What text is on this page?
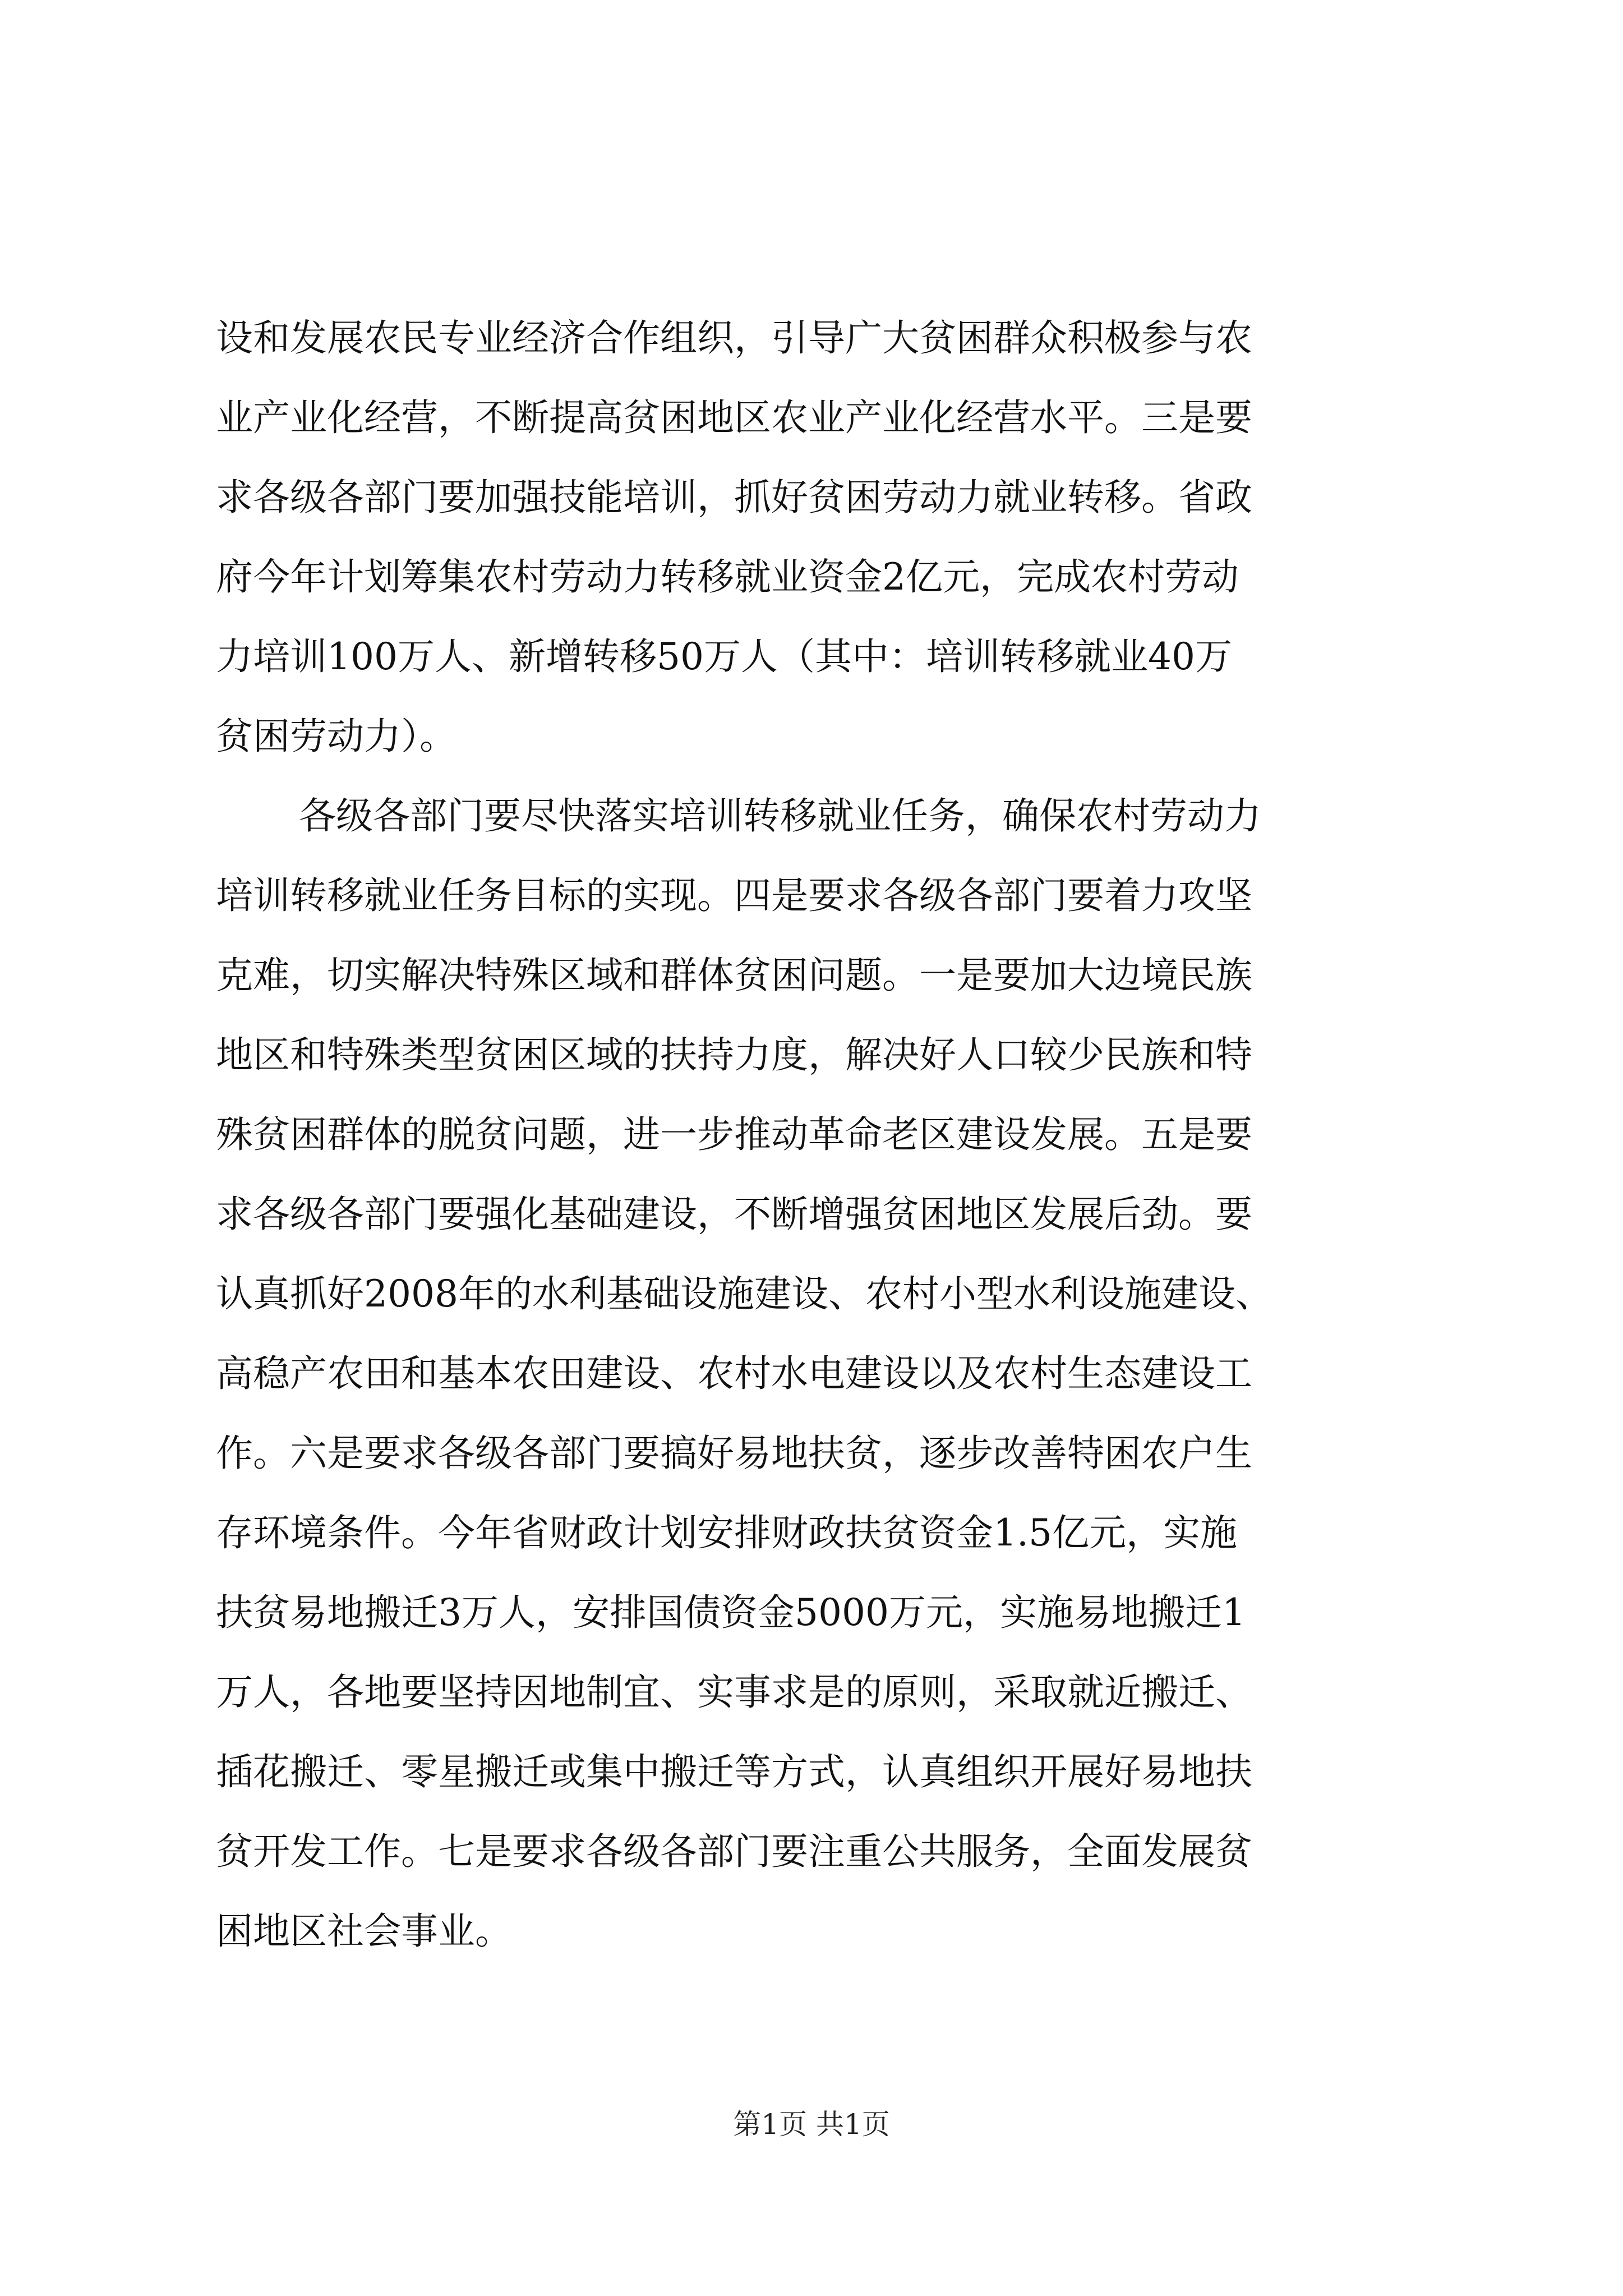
设和发展农民专业经济合作组织，引导广大贫困群众积极参与农
业产业化经营，不断提高贫困地区农业产业化经营水平。三是要
求各级各部门要加强技能培训，抓好贫困劳动力就业转移。省政
府今年计划筹集农村劳动力转移就业资金2亿元，完成农村劳动
力培训100万人、新增转移50万人（其中：培训转移就业40万
贫困劳动力）。
各级各部门要尽快落实培训转移就业任务，确保农村劳动力
培训转移就业任务目标的实现。四是要求各级各部门要着力攻坚
克难，切实解决特殊区域和群体贫困问题。一是要加大边境民族
地区和特殊类型贫困区域的扶持力度，解决好人口较少民族和特
殊贫困群体的脱贫问题，进一步推动革命老区建设发展。五是要
求各级各部门要强化基础建设，不断增强贫困地区发展后劲。要
认真抓好2008年的水利基础设施建设、农村小型水利设施建设、
高稳产农田和基本农田建设、农村水电建设以及农村生态建设工
作。六是要求各级各部门要搞好易地扶贫，逐步改善特困农户生
存环境条件。今年省财政计划安排财政扶贫资金1.5亿元，实施
扶贫易地搬迁3万人，安排国债资金5000万元，实施易地搬迁1
万人，各地要坚持因地制宜、实事求是的原则，采取就近搬迁、
插花搬迁、零星搬迁或集中搬迁等方式，认真组织开展好易地扶
贫开发工作。七是要求各级各部门要注重公共服务，全面发展贫
困地区社会事业。
第1页 共1页
